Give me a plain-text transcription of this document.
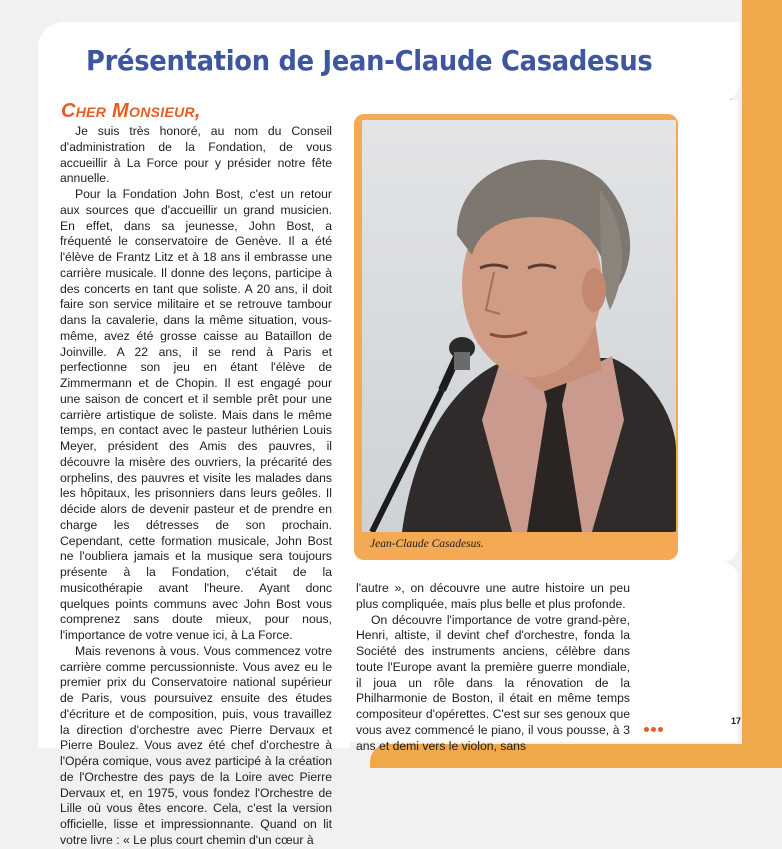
Présentation de Jean-Claude Casadesus
Cher Monsieur,

Je suis très honoré, au nom du Conseil d'administration de la Fondation, de vous accueillir à La Force pour y présider notre fête annuelle.

Pour la Fondation John Bost, c'est un retour aux sources que d'accueillir un grand musicien. En effet, dans sa jeunesse, John Bost, a fréquenté le conservatoire de Genève. Il a été l'élève de Frantz Litz et à 18 ans il embrasse une carrière musicale. Il donne des leçons, participe à des concerts en tant que soliste. A 20 ans, il doit faire son service militaire et se retrouve tambour dans la cavalerie, dans la même situation, vous-même, avez été grosse caisse au Bataillon de Joinville. A 22 ans, il se rend à Paris et perfectionne son jeu en étant l'élève de Zimmermann et de Chopin. Il est engagé pour une saison de concert et il semble prêt pour une carrière artistique de soliste. Mais dans le même temps, en contact avec le pasteur luthérien Louis Meyer, président des Amis des pauvres, il découvre la misère des ouvriers, la précarité des orphelins, des pauvres et visite les malades dans les hôpitaux, les prisonniers dans leurs geôles. Il décide alors de devenir pasteur et de prendre en charge les détresses de son prochain. Cependant, cette formation musicale, John Bost ne l'oubliera jamais et la musique sera toujours présente à la Fondation, c'était de la musicothérapie avant l'heure. Ayant donc quelques points communs avec John Bost vous comprenez sans doute mieux, pour nous, l'importance de votre venue ici, à La Force.

Mais revenons à vous. Vous commencez votre carrière comme percussionniste. Vous avez eu le premier prix du Conservatoire national supérieur de Paris, vous poursuivez ensuite des études d'écriture et de composition, puis, vous travaillez la direction d'orchestre avec Pierre Dervaux et Pierre Boulez. Vous avez été chef d'orchestre à l'Opéra comique, vous avez participé à la création de l'Orchestre des pays de la Loire avec Pierre Dervaux et, en 1975, vous fondez l'Orchestre de Lille où vous êtes encore. Cela, c'est la version officielle, lisse et impressionnante. Quand on lit votre livre : « Le plus court chemin d'un cœur à

Jean-Claude Casadesus.

l'autre », on découvre une autre histoire un peu plus compliquée, mais plus belle et plus profonde.

On découvre l'importance de votre grand-père, Henri, altiste, il devint chef d'orchestre, fonda la Société des instruments anciens, célèbre dans toute l'Europe avant la première guerre mondiale, il joua un rôle dans la rénovation de la Philharmonie de Boston, il était en même temps compositeur d'opérettes. C'est sur ses genoux que vous avez commencé le piano, il vous pousse, à 3 ans et demi vers le violon, sans

17
